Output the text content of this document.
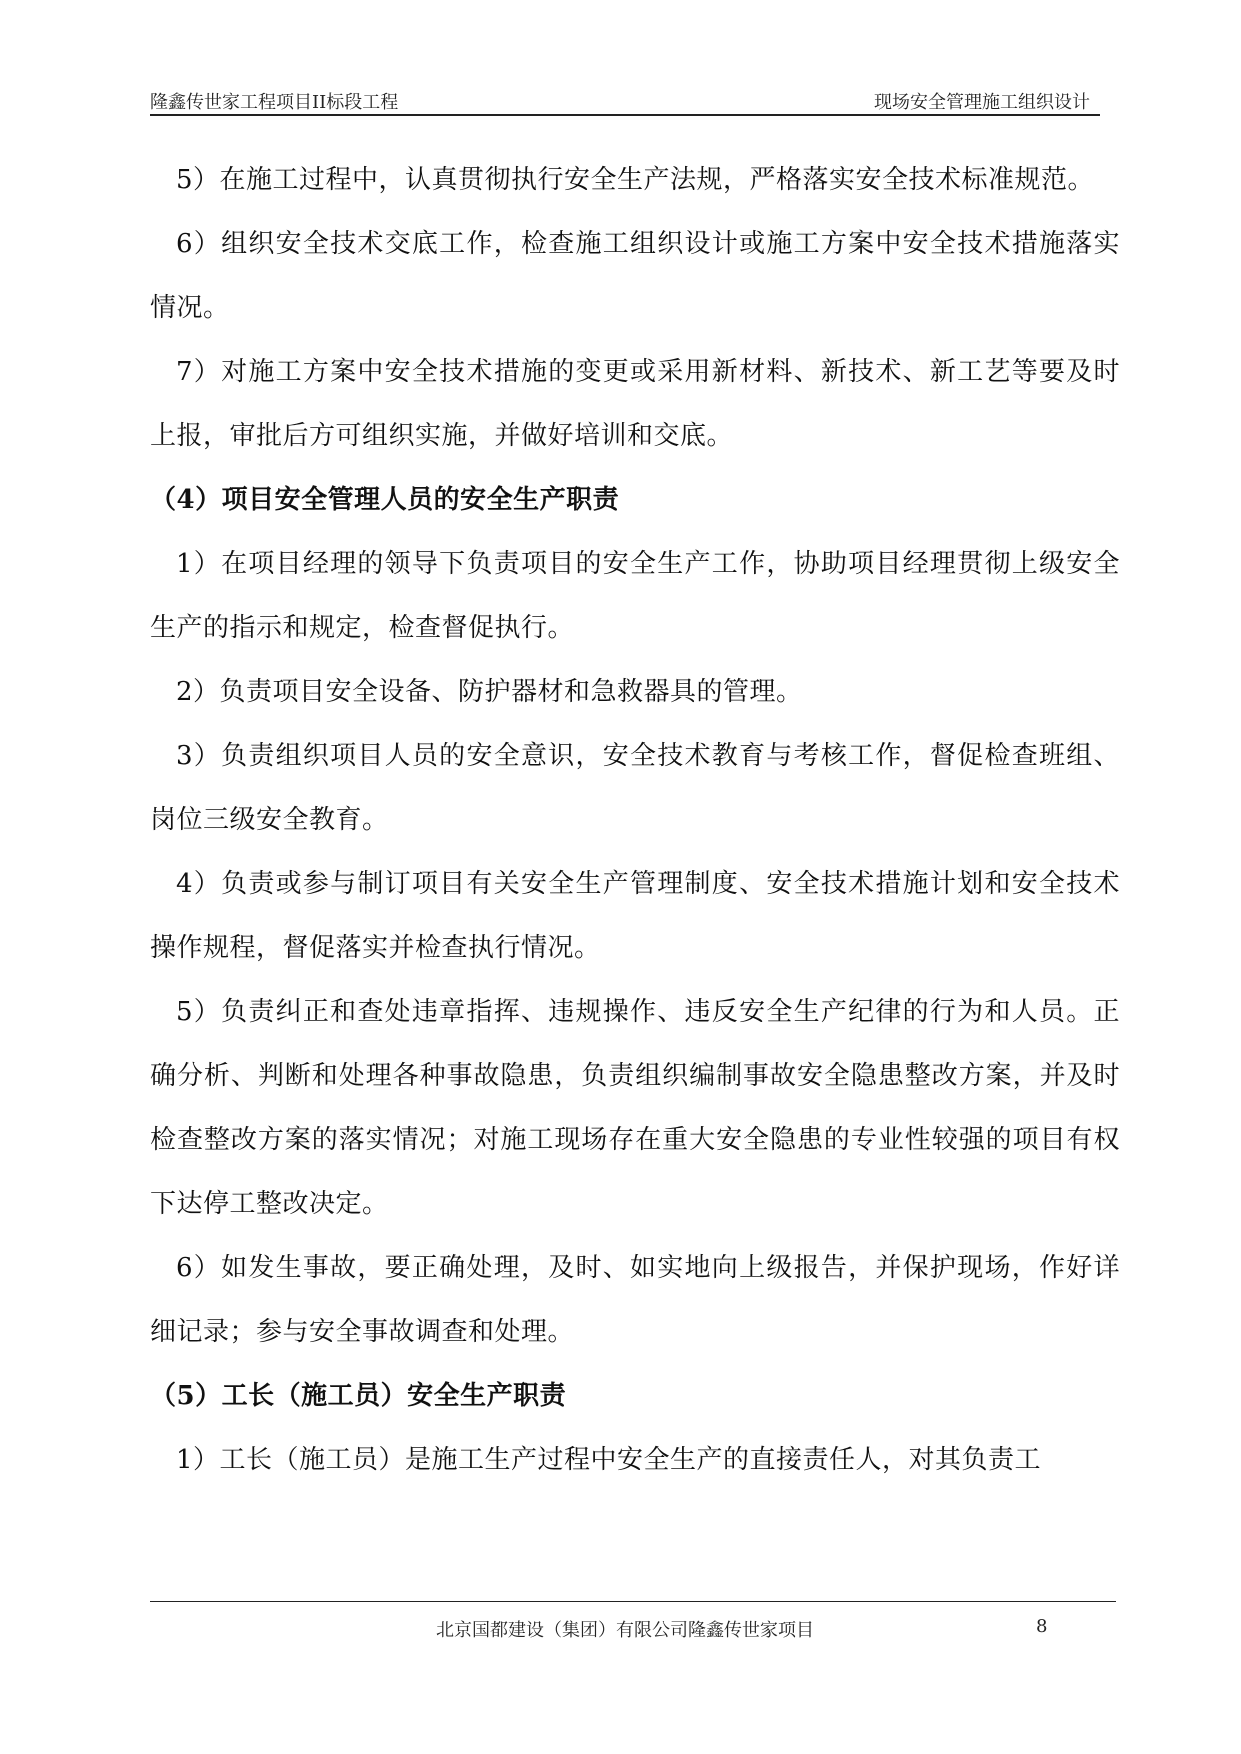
隆鑫传世家工程项目II标段工程	现场安全管理施工组织设计

5）在施工过程中，认真贯彻执行安全生产法规，严格落实安全技术标准规范。

6）组织安全技术交底工作，检查施工组织设计或施工方案中安全技术措施落实情况。

7）对施工方案中安全技术措施的变更或采用新材料、新技术、新工艺等要及时上报，审批后方可组织实施，并做好培训和交底。

（4）项目安全管理人员的安全生产职责

1）在项目经理的领导下负责项目的安全生产工作，协助项目经理贯彻上级安全生产的指示和规定，检查督促执行。

2）负责项目安全设备、防护器材和急救器具的管理。

3）负责组织项目人员的安全意识，安全技术教育与考核工作，督促检查班组、岗位三级安全教育。

4）负责或参与制订项目有关安全生产管理制度、安全技术措施计划和安全技术操作规程，督促落实并检查执行情况。

5）负责纠正和查处违章指挥、违规操作、违反安全生产纪律的行为和人员。正确分析、判断和处理各种事故隐患，负责组织编制事故安全隐患整改方案，并及时检查整改方案的落实情况；对施工现场存在重大安全隐患的专业性较强的项目有权下达停工整改决定。

6）如发生事故，要正确处理，及时、如实地向上级报告，并保护现场，作好详细记录；参与安全事故调查和处理。

（5）工长（施工员）安全生产职责

1）工长（施工员）是施工生产过程中安全生产的直接责任人，对其负责工

北京国都建设（集团）有限公司隆鑫传世家项目	8
